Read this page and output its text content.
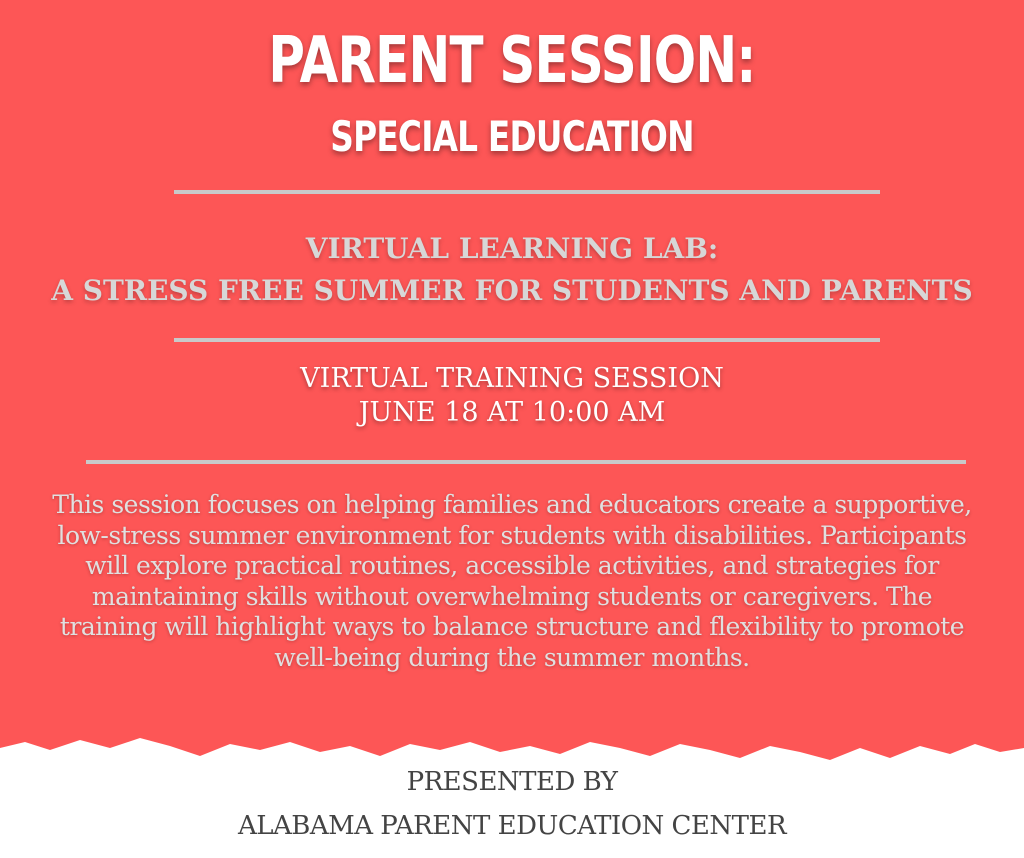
PARENT SESSION:
SPECIAL EDUCATION
VIRTUAL LEARNING LAB:
A STRESS FREE SUMMER FOR STUDENTS AND PARENTS
VIRTUAL TRAINING SESSION
JUNE 18 AT 10:00 AM
This session focuses on helping families and educators create a supportive, low-stress summer environment for students with disabilities. Participants will explore practical routines, accessible activities, and strategies for maintaining skills without overwhelming students or caregivers. The training will highlight ways to balance structure and flexibility to promote well-being during the summer months.
PRESENTED BY
ALABAMA PARENT EDUCATION CENTER
